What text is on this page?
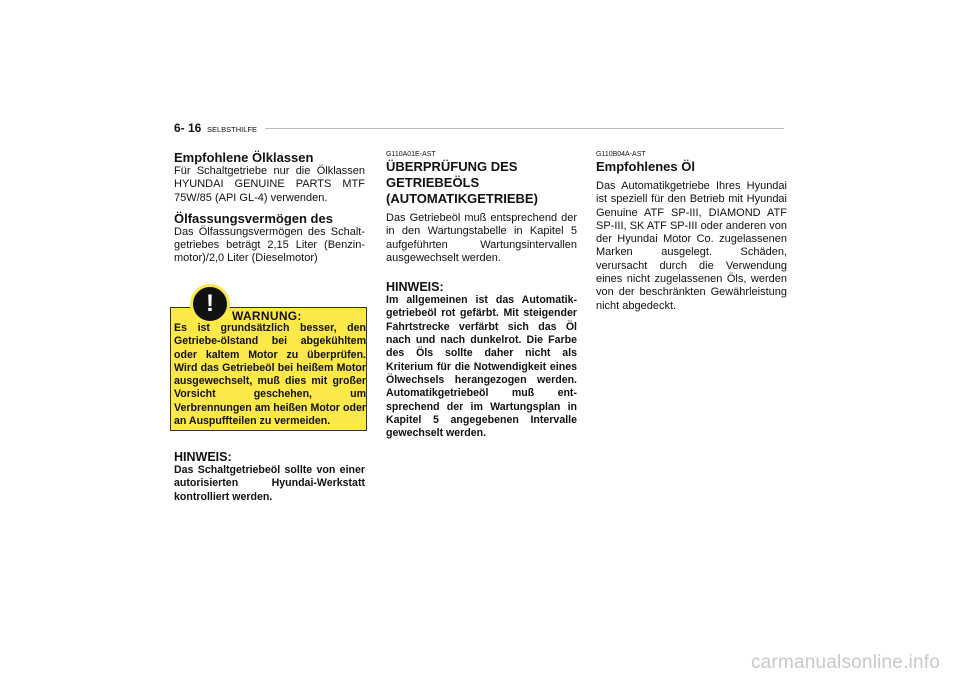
6- 16 SELBSTHILFE

Empfohlene Ölklassen

Für Schaltgetriebe nur die Ölklassen HYUNDAI GENUINE PARTS MTF 75W/85 (API GL-4) verwenden.

Ölfassungsvermögen des

Das Ölfassungsvermögen des Schalt-getriebes beträgt 2,15 Liter (Benzin-motor)/2,0 Liter (Dieselmotor)

!	WARNUNG:

Es ist grundsätzlich besser, den Getriebe-ölstand bei abgekühltem oder kaltem Motor zu überprüfen. Wird das Getriebeöl bei heißem Motor ausgewechselt, muß dies mit großer Vorsicht geschehen, um Verbrennungen am heißen Motor oder an Auspuffteilen zu vermeiden.

HINWEIS:

Das Schaltgetriebeöl sollte von einer autorisierten Hyundai-Werkstatt kontrolliert werden.

G110A01E-AST

ÜBERPRÜFUNG DES GETRIEBEÖLS (AUTOMATIKGETRIEBE)

Das Getriebeöl muß entsprechend der in den Wartungstabelle in Kapitel 5 aufgeführten Wartungsintervallen ausgewechselt werden.

HINWEIS:

Im allgemeinen ist das Automatik-getriebeöl rot gefärbt. Mit steigender Fahrtstrecke verfärbt sich das Öl nach und nach dunkelrot. Die Farbe des Öls sollte daher nicht als Kriterium für die Notwendigkeit eines Ölwechsels herangezogen werden. Automatikgetriebeöl muß ent-sprechend der im Wartungsplan in Kapitel 5 angegebenen Intervalle gewechselt werden.

G110B04A-AST

Empfohlenes Öl

Das Automatikgetriebe Ihres Hyundai ist speziell für den Betrieb mit Hyundai Genuine ATF SP-III, DIAMOND ATF SP-III, SK ATF SP-III oder anderen von der Hyundai Motor Co. zugelassenen Marken ausgelegt. Schäden, verursacht durch die Verwendung eines nicht zugelassenen Öls, werden von der beschränkten Gewährleistung nicht abgedeckt.

carmanualsonline.info
